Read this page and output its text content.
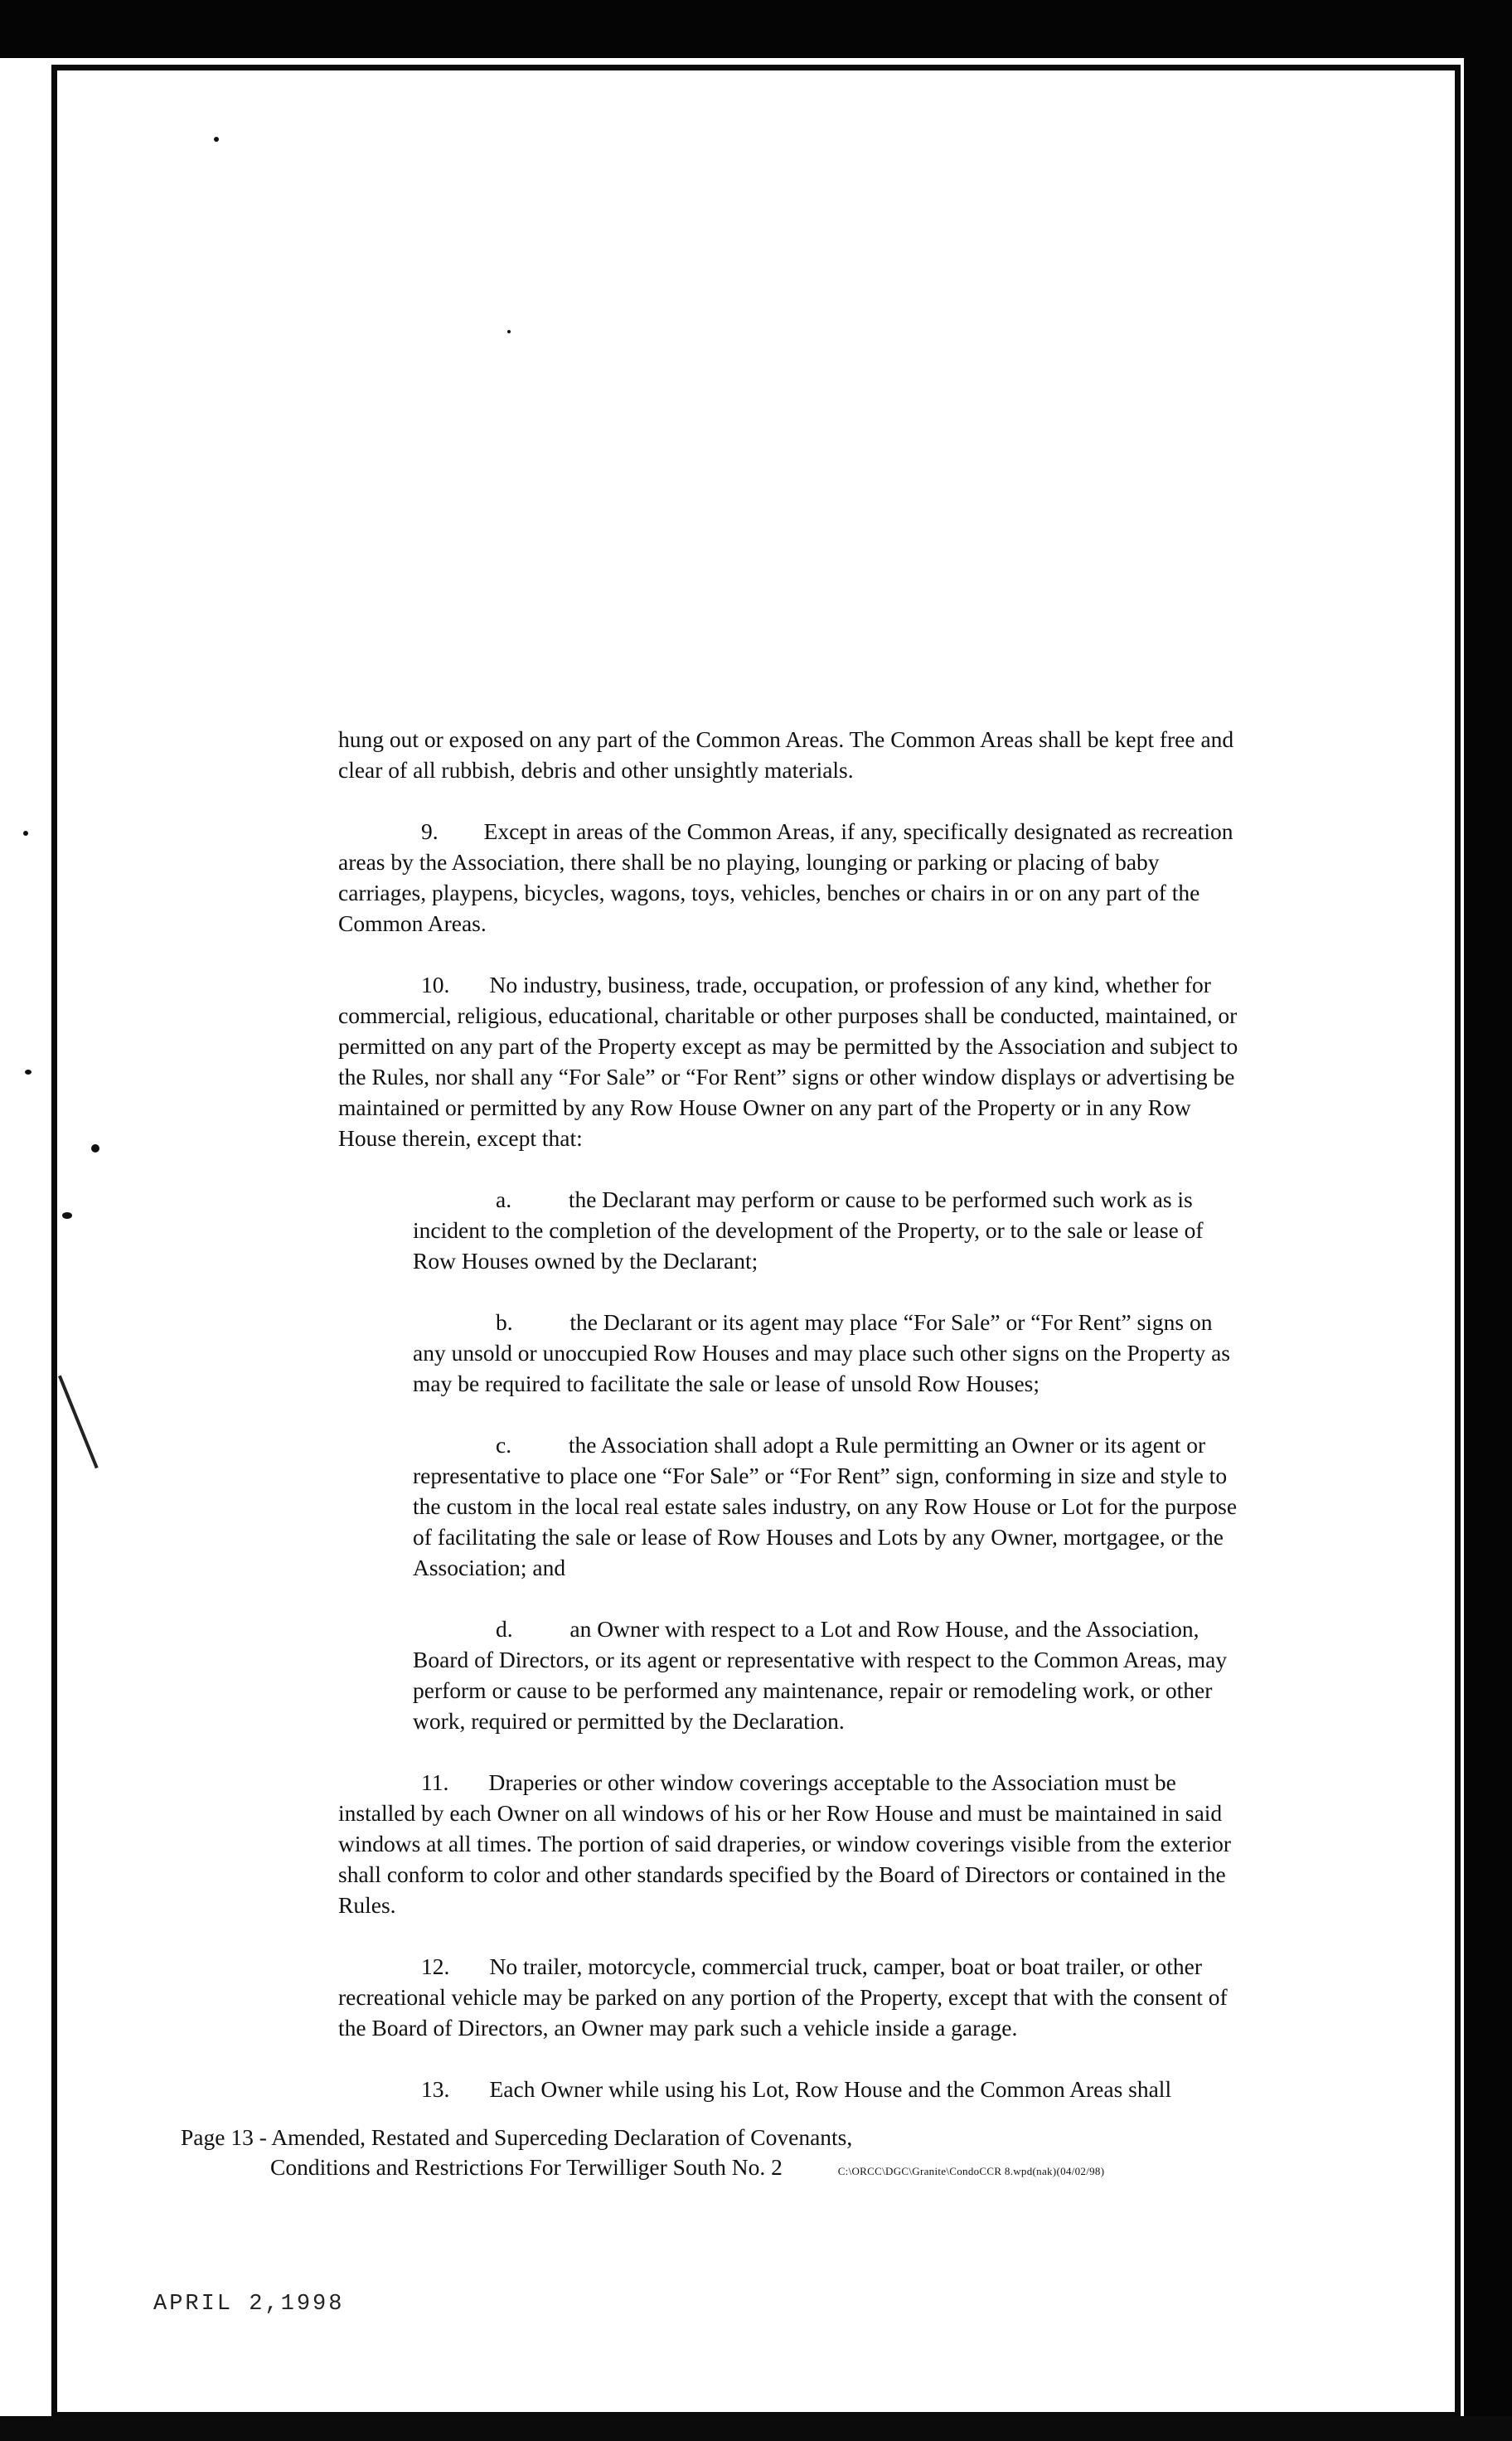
hung out or exposed on any part of the Common Areas. The Common Areas shall be kept free and clear of all rubbish, debris and other unsightly materials.

9.        Except in areas of the Common Areas, if any, specifically designated as recreation areas by the Association, there shall be no playing, lounging or parking or placing of baby carriages, playpens, bicycles, wagons, toys, vehicles, benches or chairs in or on any part of the Common Areas.

10.       No industry, business, trade, occupation, or profession of any kind, whether for commercial, religious, educational, charitable or other purposes shall be conducted, maintained, or permitted on any part of the Property except as may be permitted by the Association and subject to the Rules, nor shall any “For Sale” or “For Rent” signs or other window displays or advertising be maintained or permitted by any Row House Owner on any part of the Property or in any Row House therein, except that:

a.          the Declarant may perform or cause to be performed such work as is incident to the completion of the development of the Property, or to the sale or lease of Row Houses owned by the Declarant;

b.          the Declarant or its agent may place “For Sale” or “For Rent” signs on any unsold or unoccupied Row Houses and may place such other signs on the Property as may be required to facilitate the sale or lease of unsold Row Houses;

c.          the Association shall adopt a Rule permitting an Owner or its agent or representative to place one “For Sale” or “For Rent” sign, conforming in size and style to the custom in the local real estate sales industry, on any Row House or Lot for the purpose of facilitating the sale or lease of Row Houses and Lots by any Owner, mortgagee, or the Association; and

d.          an Owner with respect to a Lot and Row House, and the Association, Board of Directors, or its agent or representative with respect to the Common Areas, may perform or cause to be performed any maintenance, repair or remodeling work, or other work, required or permitted by the Declaration.

11.       Draperies or other window coverings acceptable to the Association must be installed by each Owner on all windows of his or her Row House and must be maintained in said windows at all times. The portion of said draperies, or window coverings visible from the exterior shall conform to color and other standards specified by the Board of Directors or contained in the Rules.

12.       No trailer, motorcycle, commercial truck, camper, boat or boat trailer, or other recreational vehicle may be parked on any portion of the Property, except that with the consent of the Board of Directors, an Owner may park such a vehicle inside a garage.

13.       Each Owner while using his Lot, Row House and the Common Areas shall

Page 13 - Amended, Restated and Superceding Declaration of Covenants,
Conditions and Restrictions For Terwilliger South No. 2	C:\ORCC\DGC\Granite\CondoCCR 8.wpd(nak)(04/02/98)
APRIL 2,1998
